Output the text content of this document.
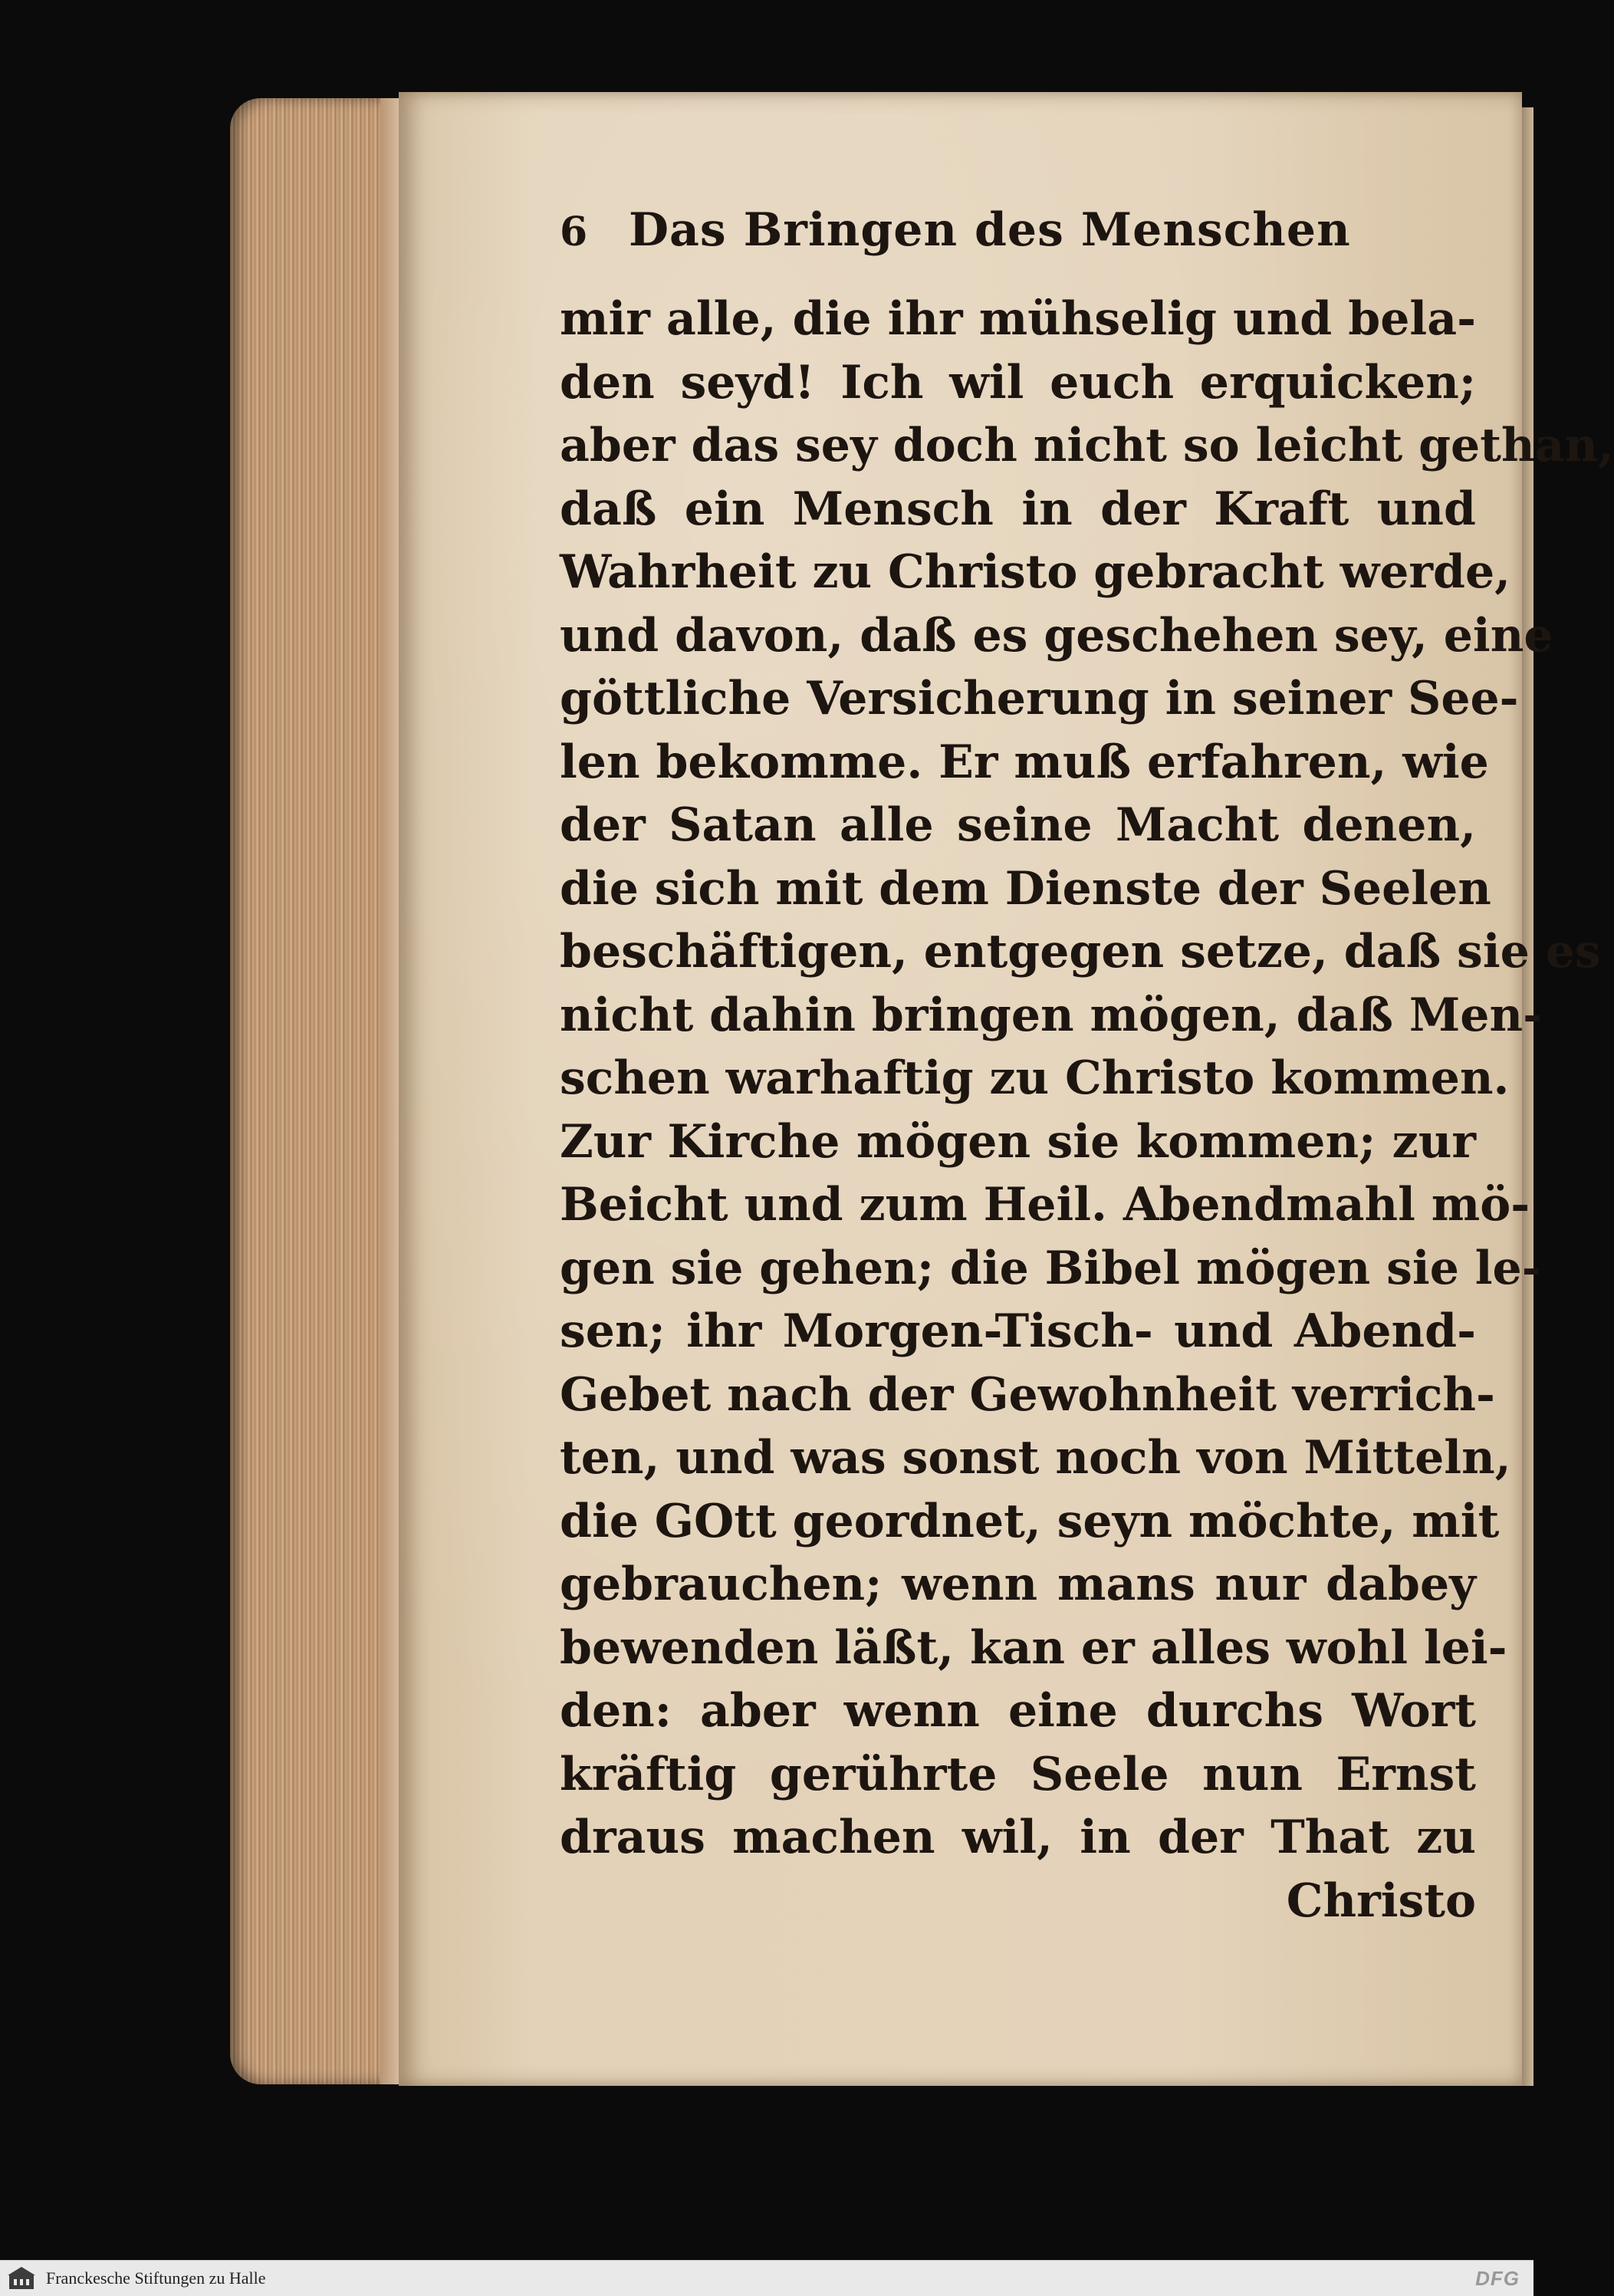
6 Das Bringen des Menschen
mir alle, die ihr mühselig und bela-
den seyd! Ich wil euch erquicken;
aber das sey doch nicht so leicht gethan,
daß ein Mensch in der Kraft und
Wahrheit zu Christo gebracht werde,
und davon, daß es geschehen sey, eine
göttliche Versicherung in seiner See-
len bekomme. Er muß erfahren, wie
der Satan alle seine Macht denen,
die sich mit dem Dienste der Seelen
beschäftigen, entgegen setze, daß sie es
nicht dahin bringen mögen, daß Men-
schen warhaftig zu Christo kommen.
Zur Kirche mögen sie kommen; zur
Beicht und zum Heil. Abendmahl mö-
gen sie gehen; die Bibel mögen sie le-
sen; ihr Morgen-Tisch- und Abend-
Gebet nach der Gewohnheit verrich-
ten, und was sonst noch von Mitteln,
die GOtt geordnet, seyn möchte, mit
gebrauchen; wenn mans nur dabey
bewenden läßt, kan er alles wohl lei-
den: aber wenn eine durchs Wort
kräftig gerührte Seele nun Ernst
draus machen wil, in der That zu
Christo
Franckesche Stiftungen zu Halle	DFG
